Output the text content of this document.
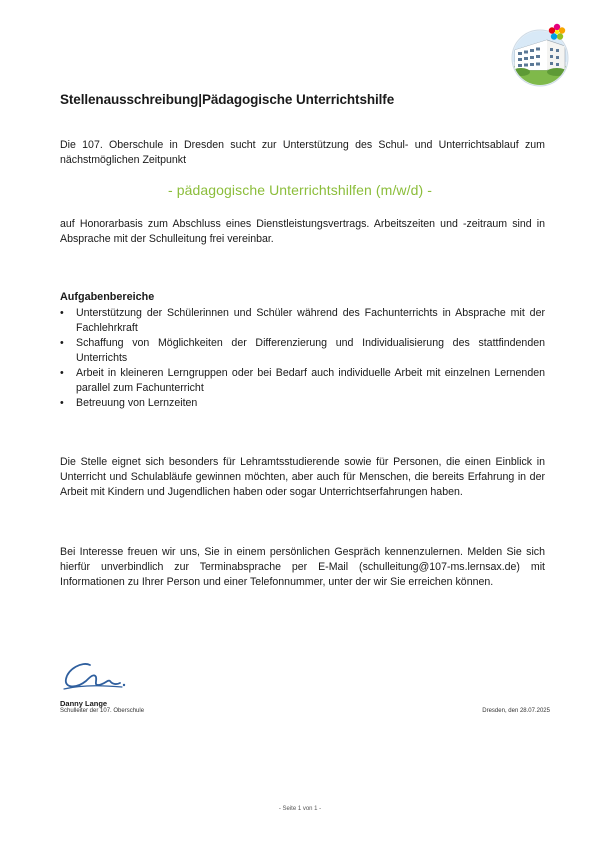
Stellenausschreibung|Pädagogische Unterrichtshilfe
Die 107. Oberschule in Dresden sucht zur Unterstützung des Schul- und Unterrichtsablauf zum nächstmöglichen Zeitpunkt
- pädagogische Unterrichtshilfen (m/w/d) -
auf Honorarbasis zum Abschluss eines Dienstleistungsvertrags. Arbeitszeiten und -zeitraum sind in Absprache mit der Schulleitung frei vereinbar.
Aufgabenbereiche
• Unterstützung der Schülerinnen und Schüler während des Fachunterrichts in Absprache mit der Fachlehrkraft
• Schaffung von Möglichkeiten der Differenzierung und Individualisierung des stattfindenden Unterrichts
• Arbeit in kleineren Lerngruppen oder bei Bedarf auch individuelle Arbeit mit einzelnen Lernenden parallel zum Fachunterricht
• Betreuung von Lernzeiten
Die Stelle eignet sich besonders für Lehramtsstudierende sowie für Personen, die einen Einblick in Unterricht und Schulabläufe gewinnen möchten, aber auch für Menschen, die bereits Erfahrung in der Arbeit mit Kindern und Jugendlichen haben oder sogar Unterrichtserfahrungen haben.
Bei Interesse freuen wir uns, Sie in einem persönlichen Gespräch kennenzulernen. Melden Sie sich hierfür unverbindlich zur Terminabsprache per E-Mail (schulleitung@107-ms.lernsax.de) mit Informationen zu Ihrer Person und einer Telefonnummer, unter der wir Sie erreichen können.
Danny Lange
Schulleiter der 107. Oberschule	Dresden, den 28.07.2025
- Seite 1 von 1 -
